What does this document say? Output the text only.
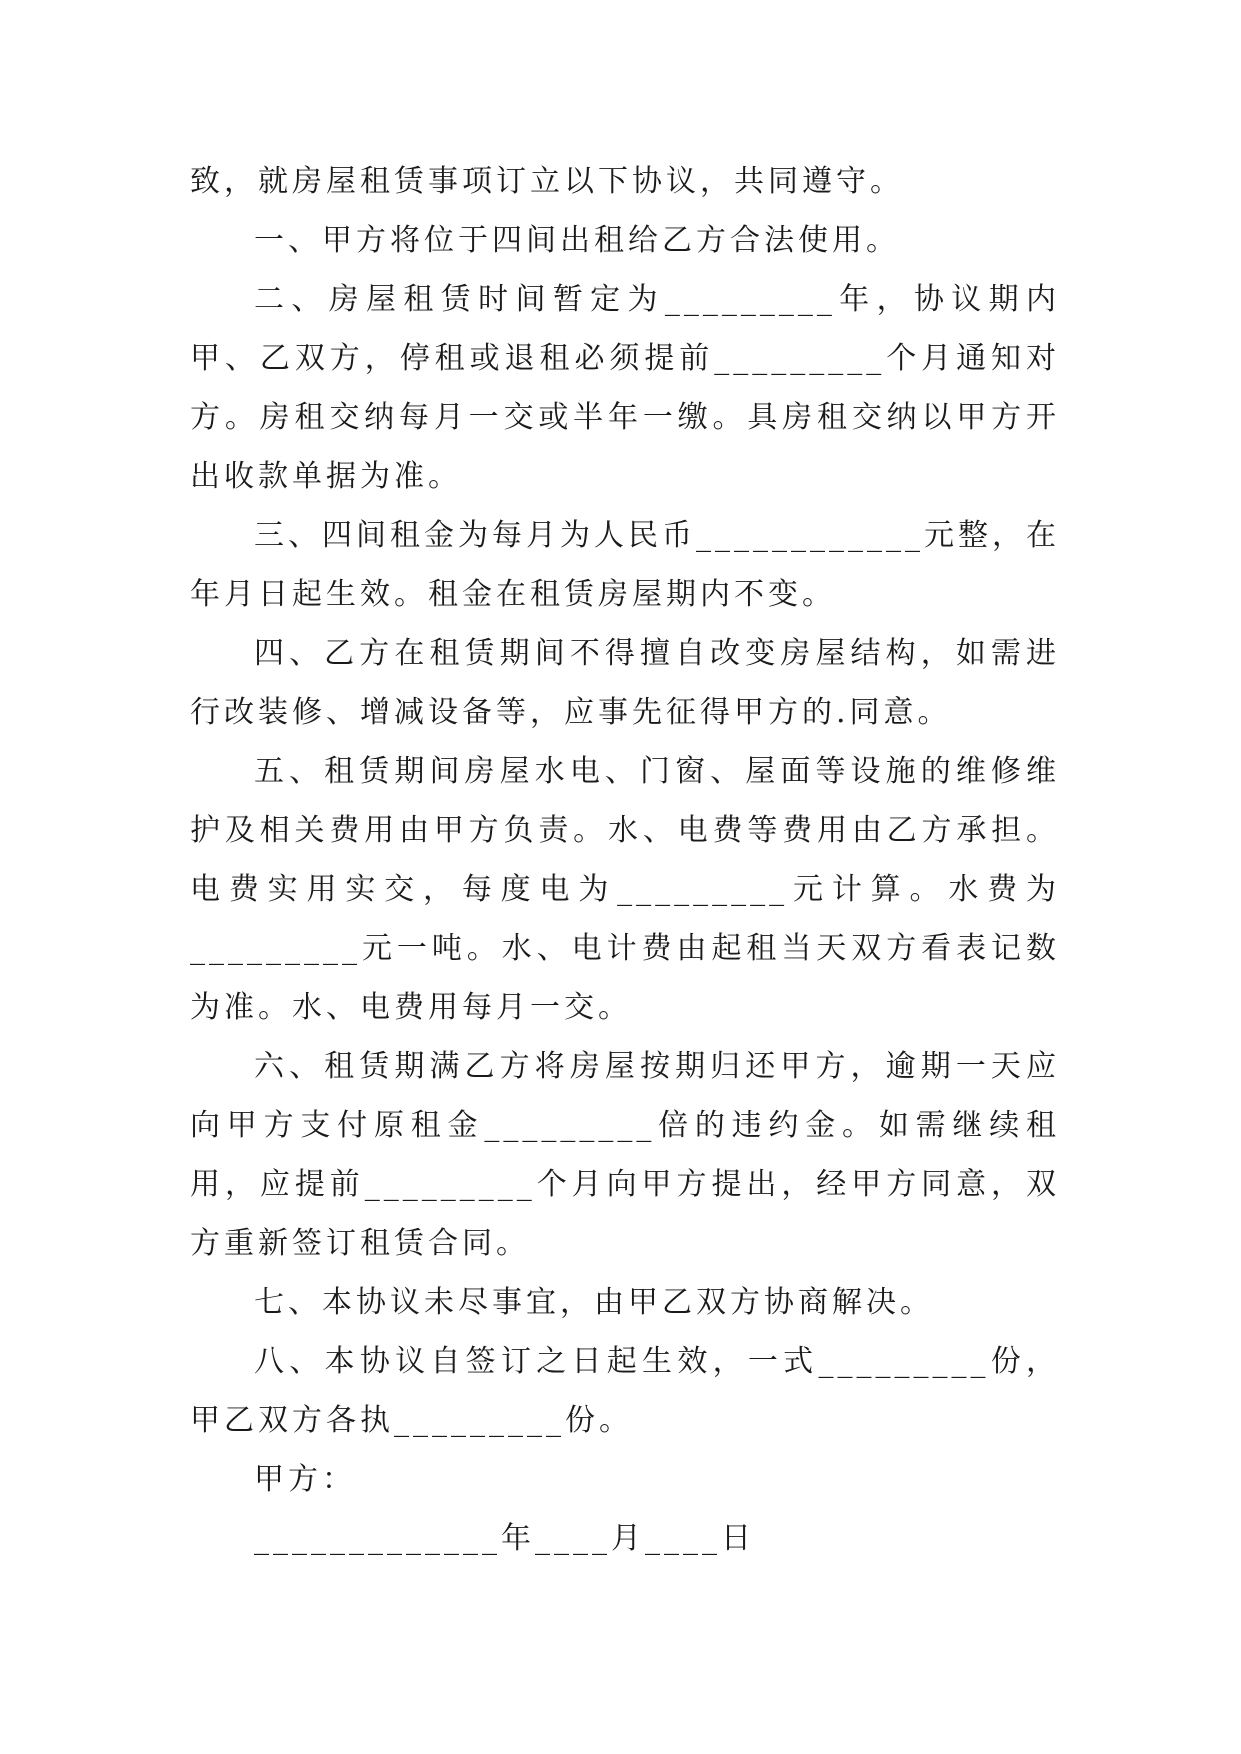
致，就房屋租赁事项订立以下协议，共同遵守。

一、甲方将位于四间出租给乙方合法使用。

二、房屋租赁时间暂定为_________年，协议期内甲、乙双方，停租或退租必须提前_________个月通知对方。房租交纳每月一交或半年一缴。具房租交纳以甲方开出收款单据为准。

三、四间租金为每月为人民币____________元整，在年月日起生效。租金在租赁房屋期内不变。

四、乙方在租赁期间不得擅自改变房屋结构，如需进行改装修、增减设备等，应事先征得甲方的.同意。

五、租赁期间房屋水电、门窗、屋面等设施的维修维护及相关费用由甲方负责。水、电费等费用由乙方承担。电费实用实交，每度电为_________元计算。水费为_________元一吨。水、电计费由起租当天双方看表记数为准。水、电费用每月一交。

六、租赁期满乙方将房屋按期归还甲方，逾期一天应向甲方支付原租金_________倍的违约金。如需继续租用，应提前_________个月向甲方提出，经甲方同意，双方重新签订租赁合同。

七、本协议未尽事宜，由甲乙双方协商解决。

八、本协议自签订之日起生效，一式_________份，甲乙双方各执_________份。

甲方：

_____________年____月____日
